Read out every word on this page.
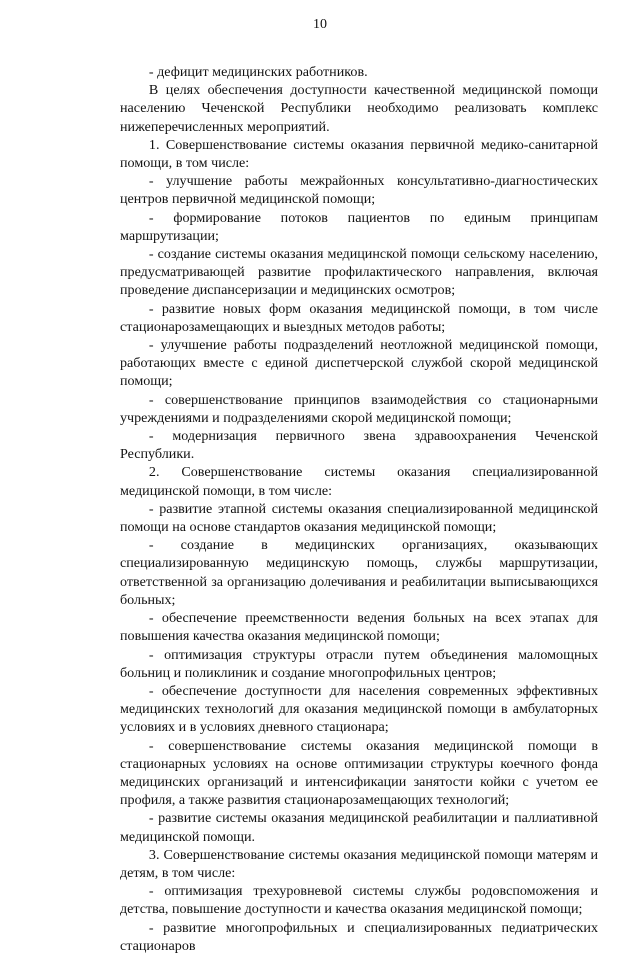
10

- дефицит медицинских работников.

В целях обеспечения доступности качественной медицинской помощи населению Чеченской Республики необходимо реализовать комплекс нижеперечисленных мероприятий.

1. Совершенствование системы оказания первичной медико-санитарной помощи, в том числе:

- улучшение работы межрайонных консультативно-диагностических центров первичной медицинской помощи;

- формирование потоков пациентов по единым принципам маршрутизации;

- создание системы оказания медицинской помощи сельскому населению, предусматривающей развитие профилактического направления, включая проведение диспансеризации и медицинских осмотров;

- развитие новых форм оказания медицинской помощи, в том числе стационарозамещающих и выездных методов работы;

- улучшение работы подразделений неотложной медицинской помощи, работающих вместе с единой диспетчерской службой скорой медицинской помощи;

- совершенствование принципов взаимодействия со стационарными учреждениями и подразделениями скорой медицинской помощи;

- модернизация первичного звена здравоохранения Чеченской Республики.

2. Совершенствование системы оказания специализированной медицинской помощи, в том числе:

- развитие этапной системы оказания специализированной медицинской помощи на основе стандартов оказания медицинской помощи;

- создание в медицинских организациях, оказывающих специализированную медицинскую помощь, службы маршрутизации, ответственной за организацию долечивания и реабилитации выписывающихся больных;

- обеспечение преемственности ведения больных на всех этапах для повышения качества оказания медицинской помощи;

- оптимизация структуры отрасли путем объединения маломощных больниц и поликлиник и создание многопрофильных центров;

- обеспечение доступности для населения современных эффективных медицинских технологий для оказания медицинской помощи в амбулаторных условиях и в условиях дневного стационара;

- совершенствование системы оказания медицинской помощи в стационарных условиях на основе оптимизации структуры коечного фонда медицинских организаций и интенсификации занятости койки с учетом ее профиля, а также развития стационарозамещающих технологий;

- развитие системы оказания медицинской реабилитации и паллиативной медицинской помощи.

3. Совершенствование системы оказания медицинской помощи матерям и детям, в том числе:

- оптимизация трехуровневой системы службы родовспоможения и детства, повышение доступности и качества оказания медицинской помощи;

- развитие многопрофильных и специализированных педиатрических стационаров
